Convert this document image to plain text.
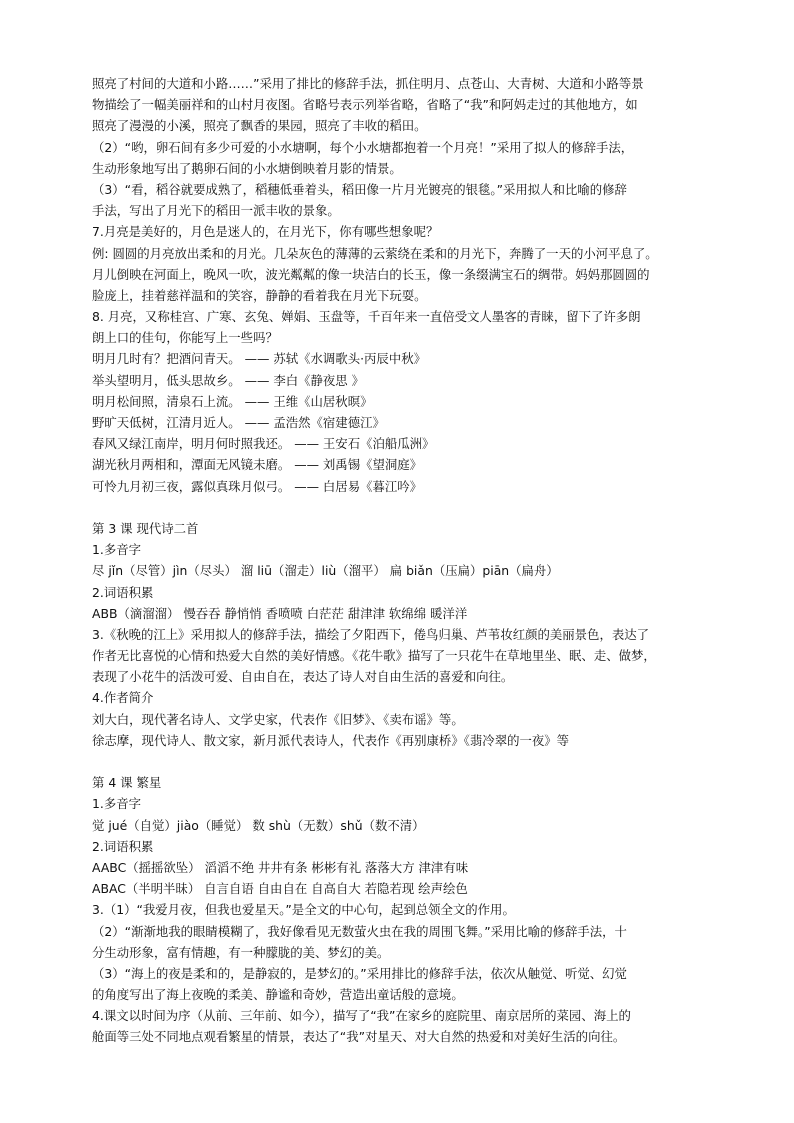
照亮了村间的大道和小路……”采用了排比的修辞手法，抓住明月、点苍山、大青树、大道和小路等景
物描绘了一幅美丽祥和的山村月夜图。省略号表示列举省略，省略了“我”和阿妈走过的其他地方，如
照亮了漫漫的小溪，照亮了飘香的果园，照亮了丰收的稻田。
（2）“哟，卵石间有多少可爱的小水塘啊，每个小水塘都抱着一个月亮！”采用了拟人的修辞手法，
生动形象地写出了鹅卵石间的小水塘倒映着月影的情景。
（3）“看，稻谷就要成熟了，稻穗低垂着头，稻田像一片月光镀亮的银毯。”采用拟人和比喻的修辞
手法，写出了月光下的稻田一派丰收的景象。
7.月亮是美好的，月色是迷人的，在月光下，你有哪些想象呢？
例: 圆圆的月亮放出柔和的月光。几朵灰色的薄薄的云萦绕在柔和的月光下，奔腾了一天的小河平息了。
月儿倒映在河面上，晚风一吹，波光粼粼的像一块洁白的长玉，像一条缀满宝石的绸带。妈妈那圆圆的
脸庞上，挂着慈祥温和的笑容，静静的看着我在月光下玩耍。
8. 月亮，又称桂宫、广寒、玄兔、婵娟、玉盘等，千百年来一直倍受文人墨客的青睐，留下了许多朗
朗上口的佳句，你能写上一些吗？
明月几时有？把酒问青天。 —— 苏轼《水调歌头·丙辰中秋》
举头望明月，低头思故乡。 —— 李白《静夜思 》
明月松间照，清泉石上流。 —— 王维《山居秋暝》
野旷天低树，江清月近人。 —— 孟浩然《宿建德江》
春风又绿江南岸，明月何时照我还。 —— 王安石《泊船瓜洲》
湖光秋月两相和，潭面无风镜未磨。 —— 刘禹锡《望洞庭》
可怜九月初三夜，露似真珠月似弓。 —— 白居易《暮江吟》
第 3 课 现代诗二首
1.多音字
尽 jǐn（尽管）jìn（尽头） 溜 liū（溜走）liù（溜平） 扁 biǎn（压扁）piān（扁舟）
2.词语积累
ABB（滴溜溜） 慢吞吞 静悄悄 香喷喷 白茫茫 甜津津 软绵绵 暖洋洋
3.《秋晚的江上》采用拟人的修辞手法，描绘了夕阳西下，倦鸟归巢、芦苇妆红颜的美丽景色，表达了
作者无比喜悦的心情和热爱大自然的美好情感。《花牛歌》描写了一只花牛在草地里坐、眠、走、做梦，
表现了小花牛的活泼可爱、自由自在，表达了诗人对自由生活的喜爱和向往。
4.作者简介
刘大白，现代著名诗人、文学史家，代表作《旧梦》、《卖布谣》等。
徐志摩，现代诗人、散文家，新月派代表诗人，代表作《再别康桥》《翡冷翠的一夜》等
第 4 课 繁星
1.多音字
觉 jué（自觉）jiào（睡觉） 数 shù（无数）shǔ（数不清）
2.词语积累
AABC（摇摇欲坠） 滔滔不绝 井井有条 彬彬有礼 落落大方 津津有味
ABAC（半明半昧） 自言自语 自由自在 自高自大 若隐若现 绘声绘色
3.（1）“我爱月夜，但我也爱星天。”是全文的中心句，起到总领全文的作用。
（2）“渐渐地我的眼睛模糊了，我好像看见无数萤火虫在我的周围飞舞。”采用比喻的修辞手法，十
分生动形象，富有情趣，有一种朦胧的美、梦幻的美。
（3）“海上的夜是柔和的，是静寂的，是梦幻的。”采用排比的修辞手法，依次从触觉、听觉、幻觉
的角度写出了海上夜晚的柔美、静谧和奇妙，营造出童话般的意境。
4.课文以时间为序（从前、三年前、如今），描写了“我”在家乡的庭院里、南京居所的菜园、海上的
舱面等三处不同地点观看繁星的情景，表达了“我”对星天、对大自然的热爱和对美好生活的向往。
